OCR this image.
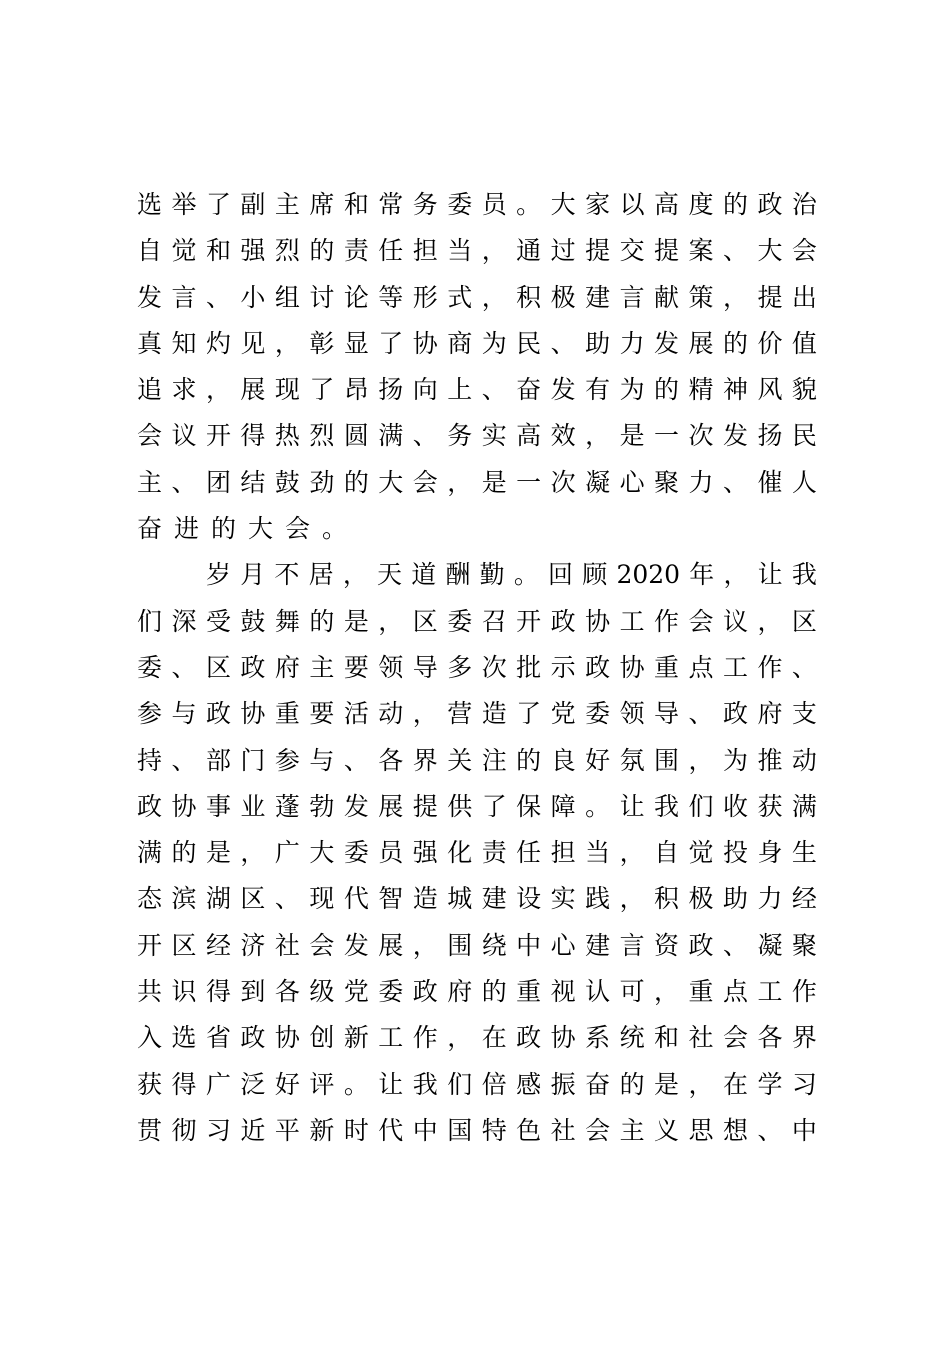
选 举 了 副 主 席 和 常 务 委 员 。 大 家 以 高 度 的 政 治
自 觉 和 强 烈 的 责 任 担 当 ， 通 过 提 交 提 案 、 大 会
发 言 、 小 组 讨 论 等 形 式 ， 积 极 建 言 献 策 ， 提 出
真 知 灼 见 ， 彰 显 了 协 商 为 民 、 助 力 发 展 的 价 值
追 求 ， 展 现 了 昂 扬 向 上 、 奋 发 有 为 的 精 神 风 貌
会 议 开 得 热 烈 圆 满 、 务 实 高 效 ， 是 一 次 发 扬 民
主 、 团 结 鼓 劲 的 大 会 ， 是 一 次 凝 心 聚 力 、 催 人
奋进的大会。
岁 月 不 居 ， 天 道 酬 勤 。 回 顾 2020 年 ， 让 我
们 深 受 鼓 舞 的 是 ， 区 委 召 开 政 协 工 作 会 议 ， 区
委 、 区 政 府 主 要 领 导 多 次 批 示 政 协 重 点 工 作 、
参 与 政 协 重 要 活 动 ， 营 造 了 党 委 领 导 、 政 府 支
持 、 部 门 参 与 、 各 界 关 注 的 良 好 氛 围 ， 为 推 动
政 协 事 业 蓬 勃 发 展 提 供 了 保 障 。 让 我 们 收 获 满
满 的 是 ， 广 大 委 员 强 化 责 任 担 当 ， 自 觉 投 身 生
态 滨 湖 区 、 现 代 智 造 城 建 设 实 践 ， 积 极 助 力 经
开 区 经 济 社 会 发 展 ， 围 绕 中 心 建 言 资 政 、 凝 聚
共 识 得 到 各 级 党 委 政 府 的 重 视 认 可 ， 重 点 工 作
入 选 省 政 协 创 新 工 作 ， 在 政 协 系 统 和 社 会 各 界
获 得 广 泛 好 评 。 让 我 们 倍 感 振 奋 的 是 ， 在 学 习
贯 彻 习 近 平 新 时 代 中 国 特 色 社 会 主 义 思 想 、 中
